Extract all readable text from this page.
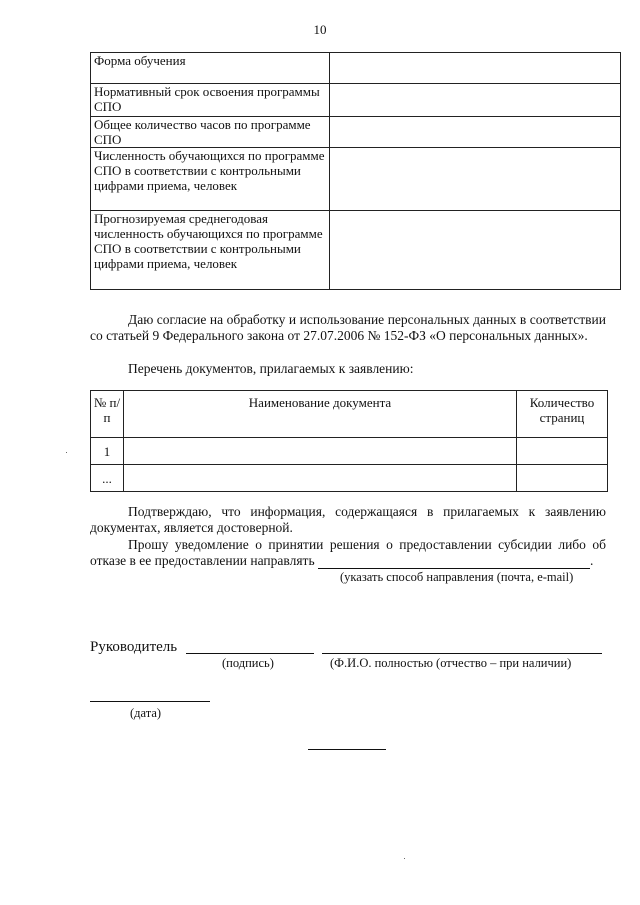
10
Форма обучения	
Нормативный срок освоения программы СПО	
Общее количество часов по программе СПО	
Численность обучающихся по программе СПО в соответствии с контрольными цифрами приема, человек	
Прогнозируемая среднегодовая численность обучающихся по программе СПО в соответствии с контрольными цифрами приема, человек	
Даю согласие на обработку и использование персональных данных в соответствии со статьей 9 Федерального закона от 27.07.2006 № 152-ФЗ «О персональных данных».
Перечень документов, прилагаемых к заявлению:
№ п/п	Наименование документа	Количество страниц
1		
...		
Подтверждаю, что информация, содержащаяся в прилагаемых к заявлению документах, является достоверной.
Прошу уведомление о принятии решения о предоставлении субсидии либо об отказе в ее предоставлении направлять	.
(указать способ направления (почта, e-mail)
Руководитель
(подпись)	(Ф.И.О. полностью (отчество – при наличии)
(дата)
